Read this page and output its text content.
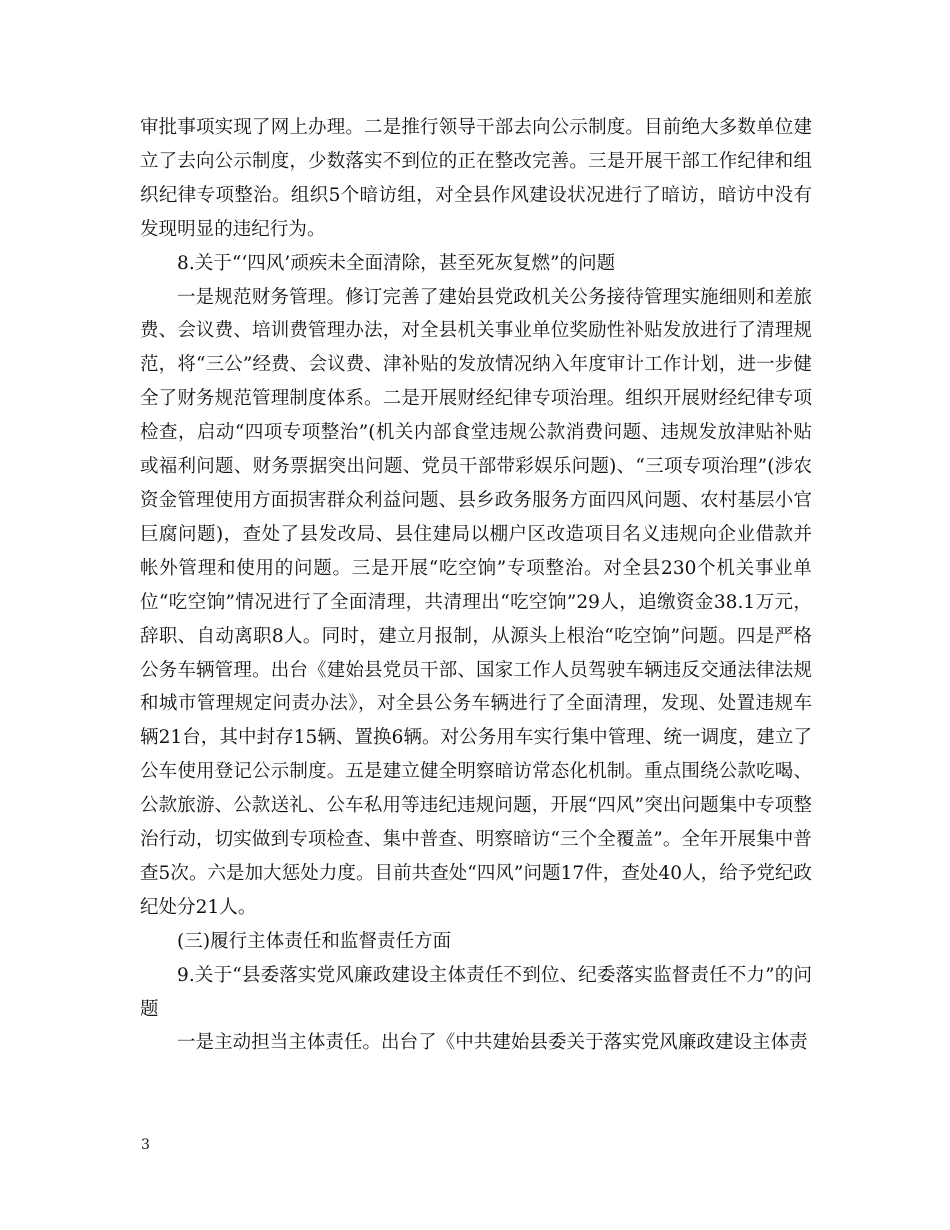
审批事项实现了网上办理。二是推行领导干部去向公示制度。目前绝大多数单位建立了去向公示制度，少数落实不到位的正在整改完善。三是开展干部工作纪律和组织纪律专项整治。组织5个暗访组，对全县作风建设状况进行了暗访，暗访中没有发现明显的违纪行为。

8.关于“‘四风’顽疾未全面清除，甚至死灰复燃”的问题

一是规范财务管理。修订完善了建始县党政机关公务接待管理实施细则和差旅费、会议费、培训费管理办法，对全县机关事业单位奖励性补贴发放进行了清理规范，将“三公”经费、会议费、津补贴的发放情况纳入年度审计工作计划，进一步健全了财务规范管理制度体系。二是开展财经纪律专项治理。组织开展财经纪律专项检查，启动“四项专项整治”(机关内部食堂违规公款消费问题、违规发放津贴补贴或福利问题、财务票据突出问题、党员干部带彩娱乐问题)、“三项专项治理”(涉农资金管理使用方面损害群众利益问题、县乡政务服务方面四风问题、农村基层小官巨腐问题)，查处了县发改局、县住建局以棚户区改造项目名义违规向企业借款并帐外管理和使用的问题。三是开展“吃空饷”专项整治。对全县230个机关事业单位“吃空饷”情况进行了全面清理，共清理出“吃空饷”29人，追缴资金38.1万元，辞职、自动离职8人。同时，建立月报制，从源头上根治“吃空饷”问题。四是严格公务车辆管理。出台《建始县党员干部、国家工作人员驾驶车辆违反交通法律法规和城市管理规定问责办法》，对全县公务车辆进行了全面清理，发现、处置违规车辆21台，其中封存15辆、置换6辆。对公务用车实行集中管理、统一调度，建立了公车使用登记公示制度。五是建立健全明察暗访常态化机制。重点围绕公款吃喝、公款旅游、公款送礼、公车私用等违纪违规问题，开展“四风”突出问题集中专项整治行动，切实做到专项检查、集中普查、明察暗访“三个全覆盖”。全年开展集中普查5次。六是加大惩处力度。目前共查处“四风”问题17件，查处40人，给予党纪政纪处分21人。

(三)履行主体责任和监督责任方面

9.关于“县委落实党风廉政建设主体责任不到位、纪委落实监督责任不力”的问题

一是主动担当主体责任。出台了《中共建始县委关于落实党风廉政建设主体责

3
